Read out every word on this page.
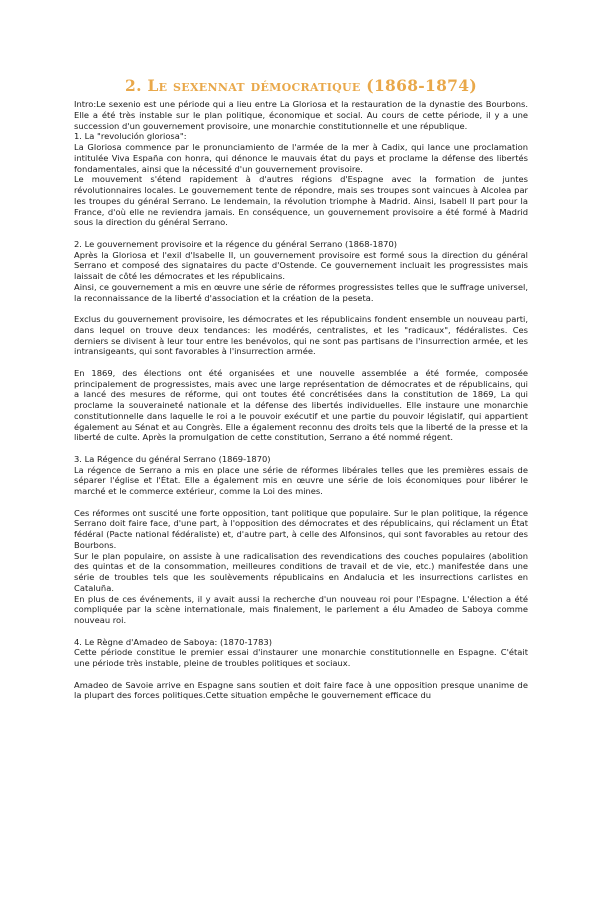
2. Le sexennat démocratique (1868-1874)

Intro:Le sexenio est une période qui a lieu entre La Gloriosa et la restauration de la dynastie des Bourbons. Elle a été très instable sur le plan politique, économique et social. Au cours de cette période, il y a une succession d'un gouvernement provisoire, une monarchie constitutionnelle et une république.

1. La "revolución gloriosa":

La Gloriosa commence par le pronunciamiento de l'armée de la mer à Cadix, qui lance une proclamation intitulée Viva España con honra, qui dénonce le mauvais état du pays et proclame la défense des libertés fondamentales, ainsi que la nécessité d'un gouvernement provisoire.

Le mouvement s'étend rapidement à d'autres régions d'Espagne avec la formation de juntes révolutionnaires locales. Le gouvernement tente de répondre, mais ses troupes sont vaincues à Alcolea par les troupes du général Serrano. Le lendemain, la révolution triomphe à Madrid. Ainsi, Isabell II part pour la France, d'où elle ne reviendra jamais. En conséquence, un gouvernement provisoire a été formé à Madrid sous la direction du général Serrano.

2. Le gouvernement provisoire et la régence du général Serrano (1868-1870)

Après la Gloriosa et l'exil d'Isabelle II, un gouvernement provisoire est formé sous la direction du général Serrano et composé des signataires du pacte d'Ostende. Ce gouvernement incluait les progressistes mais laissait de côté les démocrates et les républicains.

Ainsi, ce gouvernement a mis en œuvre une série de réformes progressistes telles que le suffrage universel, la reconnaissance de la liberté d'association et la création de la peseta.

Exclus du gouvernement provisoire, les démocrates et les républicains fondent ensemble un nouveau parti, dans lequel on trouve deux tendances: les modérés, centralistes, et les "radicaux", fédéralistes. Ces derniers se divisent à leur tour entre les benévolos, qui ne sont pas partisans de l'insurrection armée, et les intransigeants, qui sont favorables à l'insurrection armée.

En 1869, des élections ont été organisées et une nouvelle assemblée a été formée, composée principalement de progressistes, mais avec une large représentation de démocrates et de républicains, qui a lancé des mesures de réforme, qui ont toutes été concrétisées dans la constitution de 1869, La qui proclame la souveraineté nationale et la défense des libertés individuelles. Elle instaure une monarchie constitutionnelle dans laquelle le roi a le pouvoir exécutif et une partie du pouvoir législatif, qui appartient également au Sénat et au Congrès. Elle a également reconnu des droits tels que la liberté de la presse et la liberté de culte. Après la promulgation de cette constitution, Serrano a été nommé régent.

3. La Régence du général Serrano (1869-1870)

La régence de Serrano a mis en place une série de réformes libérales telles que les premières essais de séparer l'église et l'État. Elle a également mis en œuvre une série de lois économiques pour libérer le marché et le commerce extérieur, comme la Loi des mines.

Ces réformes ont suscité une forte opposition, tant politique que populaire. Sur le plan politique, la régence Serrano doit faire face, d'une part, à l'opposition des démocrates et des républicains, qui réclament un État fédéral (Pacte national fédéraliste) et, d'autre part, à celle des Alfonsinos, qui sont favorables au retour des Bourbons.

Sur le plan populaire, on assiste à une radicalisation des revendications des couches populaires (abolition des quintas et de la consommation, meilleures conditions de travail et de vie, etc.) manifestée dans une série de troubles tels que les soulèvements républicains en Andalucia et les insurrections carlistes en Cataluña.

En plus de ces événements, il y avait aussi la recherche d'un nouveau roi pour l'Espagne. L'élection a été compliquée par la scène internationale, mais finalement, le parlement a élu Amadeo de Saboya comme nouveau roi.

4. Le Règne d'Amadeo de Saboya: (1870-1783)

Cette période constitue le premier essai d'instaurer une monarchie constitutionnelle en Espagne. C'était une période très instable, pleine de troubles politiques et sociaux.

Amadeo de Savoie arrive en Espagne sans soutien et doit faire face à une opposition presque unanime de la plupart des forces politiques.Cette situation empêche le gouvernement efficace du
